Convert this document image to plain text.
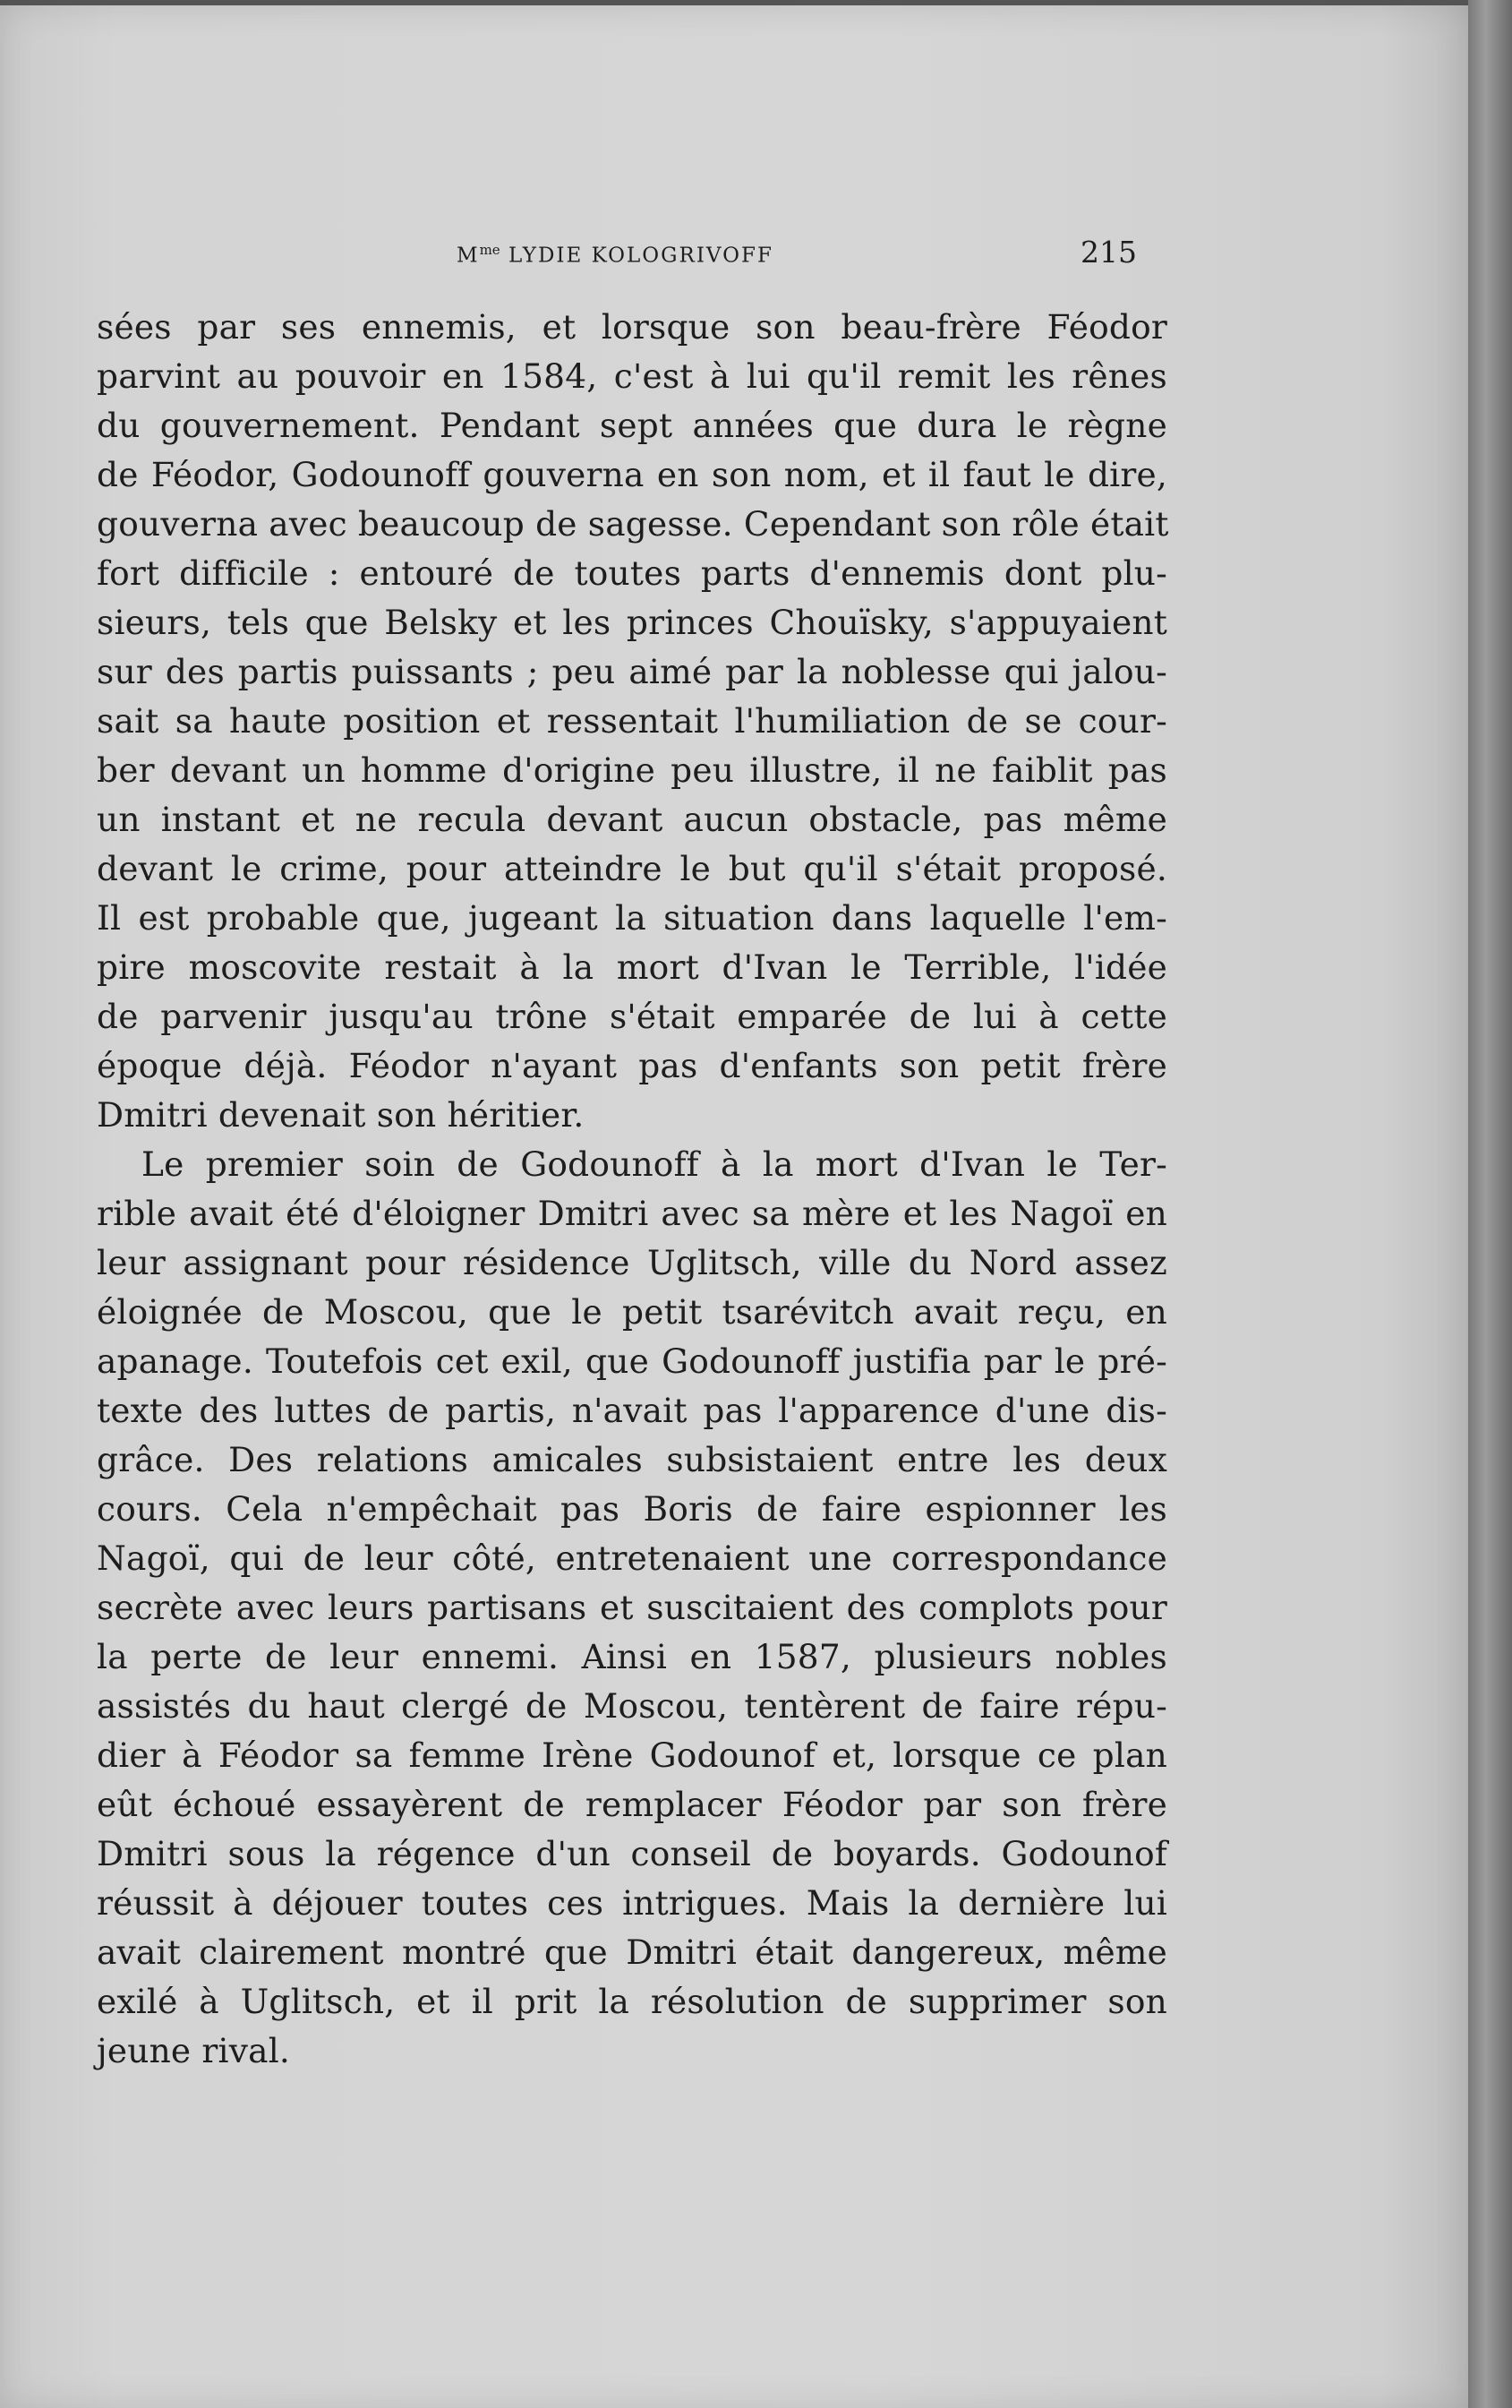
$M^{me}$ LYDIE KOLOGRIVOFF	215
sées par ses ennemis, et lorsque son beau-frère Féodor
parvint au pouvoir en 1584, c'est à lui qu'il remit les rênes
du gouvernement. Pendant sept années que dura le règne
de Féodor, Godounoff gouverna en son nom, et il faut le dire,
gouverna avec beaucoup de sagesse. Cependant son rôle était
fort difficile : entouré de toutes parts d'ennemis dont plu-
sieurs, tels que Belsky et les princes Chouïsky, s'appuyaient
sur des partis puissants ; peu aimé par la noblesse qui jalou-
sait sa haute position et ressentait l'humiliation de se cour-
ber devant un homme d'origine peu illustre, il ne faiblit pas
un instant et ne recula devant aucun obstacle, pas même
devant le crime, pour atteindre le but qu'il s'était proposé.
Il est probable que, jugeant la situation dans laquelle l'em-
pire moscovite restait à la mort d'Ivan le Terrible, l'idée
de parvenir jusqu'au trône s'était emparée de lui à cette
époque déjà. Féodor n'ayant pas d'enfants son petit frère
Dmitri devenait son héritier.
Le premier soin de Godounoff à la mort d'Ivan le Ter-
rible avait été d'éloigner Dmitri avec sa mère et les Nagoï en
leur assignant pour résidence Uglitsch, ville du Nord assez
éloignée de Moscou, que le petit tsarévitch avait reçu, en
apanage. Toutefois cet exil, que Godounoff justifia par le pré-
texte des luttes de partis, n'avait pas l'apparence d'une dis-
grâce. Des relations amicales subsistaient entre les deux
cours. Cela n'empêchait pas Boris de faire espionner les
Nagoï, qui de leur côté, entretenaient une correspondance
secrète avec leurs partisans et suscitaient des complots pour
la perte de leur ennemi. Ainsi en 1587, plusieurs nobles
assistés du haut clergé de Moscou, tentèrent de faire répu-
dier à Féodor sa femme Irène Godounof et, lorsque ce plan
eût échoué essayèrent de remplacer Féodor par son frère
Dmitri sous la régence d'un conseil de boyards. Godounof
réussit à déjouer toutes ces intrigues. Mais la dernière lui
avait clairement montré que Dmitri était dangereux, même
exilé à Uglitsch, et il prit la résolution de supprimer son
jeune rival.
